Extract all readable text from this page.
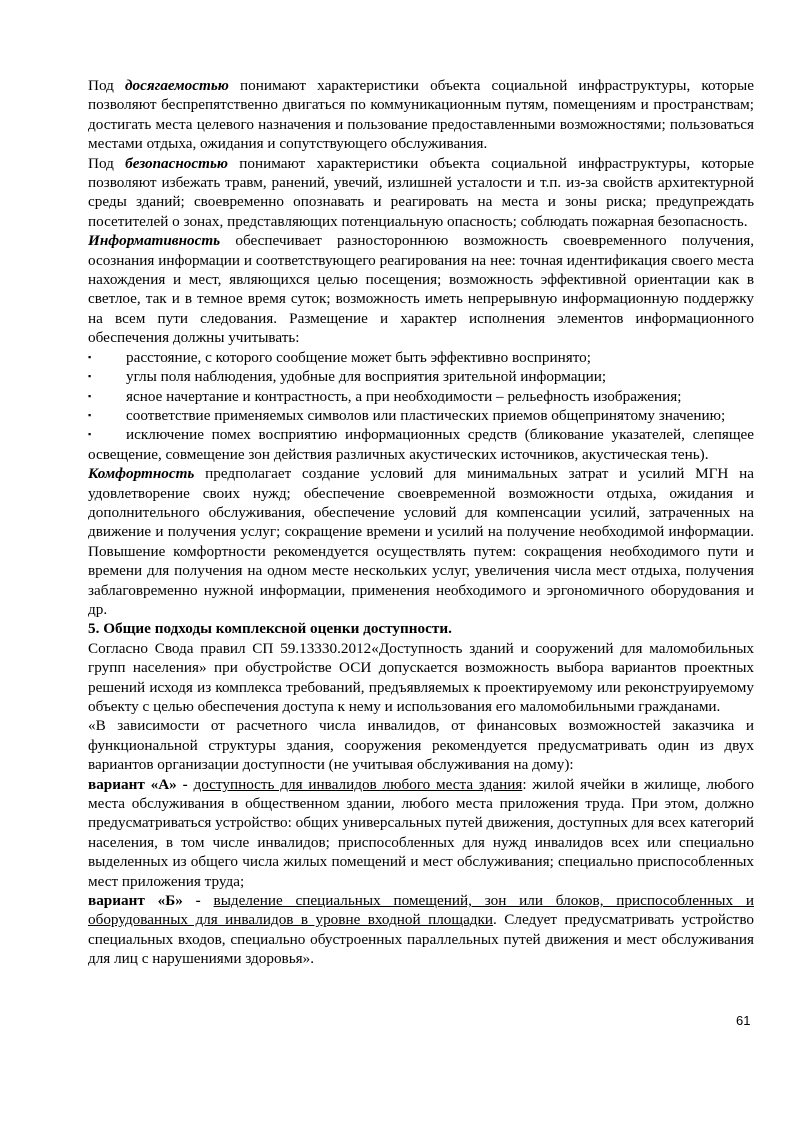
Под досягаемостью понимают характеристики объекта социальной инфраструктуры, которые позволяют беспрепятственно двигаться по коммуникационным путям, помещениям и пространствам; достигать места целевого назначения и пользование предоставленными возможностями; пользоваться местами отдыха, ожидания и сопутствующего обслуживания.

Под безопасностью понимают характеристики объекта социальной инфраструктуры, которые позволяют избежать травм, ранений, увечий, излишней усталости и т.п. из-за свойств архитектурной среды зданий; своевременно опознавать и реагировать на места и зоны риска; предупреждать посетителей о зонах, представляющих потенциальную опасность; соблюдать пожарная безопасность.

Информативность обеспечивает разностороннюю возможность своевременного получения, осознания информации и соответствующего реагирования на нее: точная идентификация своего места нахождения и мест, являющихся целью посещения; возможность эффективной ориентации как в светлое, так и в темное время суток; возможность иметь непрерывную информационную поддержку на всем пути следования. Размещение и характер исполнения элементов информационного обеспечения должны учитывать:

▪	расстояние, с которого сообщение может быть эффективно воспринято;
▪	углы поля наблюдения, удобные для восприятия зрительной информации;
▪	ясное начертание и контрастность, а при необходимости – рельефность изображения;

▪ соответствие применяемых символов или пластических приемов общепринятому значению;

▪ исключение помех восприятию информационных средств (бликование указателей, слепящее освещение, совмещение зон действия различных акустических источников, акустическая тень).

Комфортность предполагает создание условий для минимальных затрат и усилий МГН на удовлетворение своих нужд; обеспечение своевременной возможности отдыха, ожидания и дополнительного обслуживания, обеспечение условий для компенсации усилий, затраченных на движение и получения услуг; сокращение времени и усилий на получение необходимой информации. Повышение комфортности рекомендуется осуществлять путем: сокращения необходимого пути и времени для получения на одном месте нескольких услуг, увеличения числа мест отдыха, получения заблаговременно нужной информации, применения необходимого и эргономичного оборудования и др.

5. Общие подходы комплексной оценки доступности.

Согласно Свода правил СП 59.13330.2012«Доступность зданий и сооружений для маломобильных групп населения» при обустройстве ОСИ допускается возможность выбора вариантов проектных решений исходя из комплекса требований, предъявляемых к проектируемому или реконструируемому объекту с целью обеспечения доступа к нему и использования его маломобильными гражданами.

«В зависимости от расчетного числа инвалидов, от финансовых возможностей заказчика и функциональной структуры здания, сооружения рекомендуется предусматривать один из двух вариантов организации доступности (не учитывая обслуживания на дому):

вариант «А» - доступность для инвалидов любого места здания: жилой ячейки в жилище, любого места обслуживания в общественном здании, любого места приложения труда. При этом, должно предусматриваться устройство: общих универсальных путей движения, доступных для всех категорий населения, в том числе инвалидов; приспособленных для нужд инвалидов всех или специально выделенных из общего числа жилых помещений и мест обслуживания; специально приспособленных мест приложения труда;

вариант «Б» - выделение специальных помещений, зон или блоков, приспособленных и оборудованных для инвалидов в уровне входной площадки. Следует предусматривать устройство специальных входов, специально обустроенных параллельных путей движения и мест обслуживания для лиц с нарушениями здоровья».

61
